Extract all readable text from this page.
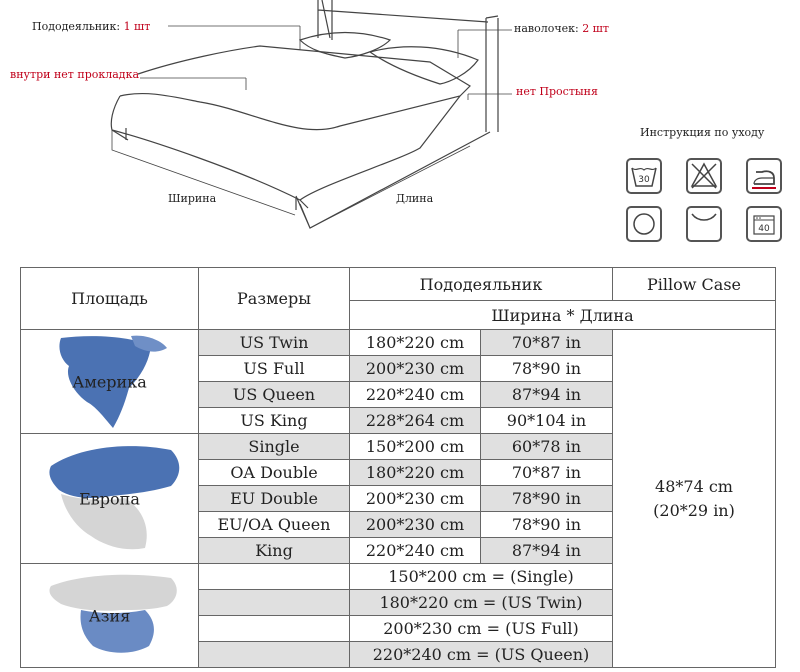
Пододеяльник: 1 шт
внутри нет прокладка
наволочек: 2 шт
нет Простыня
Ширина	Длина
Инструкция по уходу
30
40
Площадь	Размеры	Пододеяльник		Pillow Case
		Ширина * Длина		

Америка	US Twin	180*220 cm	70*87 in	48*74 cm
(20*29 in)

	US Full	200*230 cm	78*90 in	
	US Queen	220*240 cm	87*94 in	
	US King	228*264 cm	90*104 in	

Европа	Single	150*200 cm	60*78 in	
	OA Double	180*220 cm	70*87 in	
	EU Double	200*230 cm	78*90 in	
	EU/OA Queen	200*230 cm	78*90 in	
	King	220*240 cm	87*94 in	

Азия		150*200 cm = (Single)		
		180*220 cm = (US Twin)		
		200*230 cm = (US Full)		
		220*240 cm = (US Queen)		
